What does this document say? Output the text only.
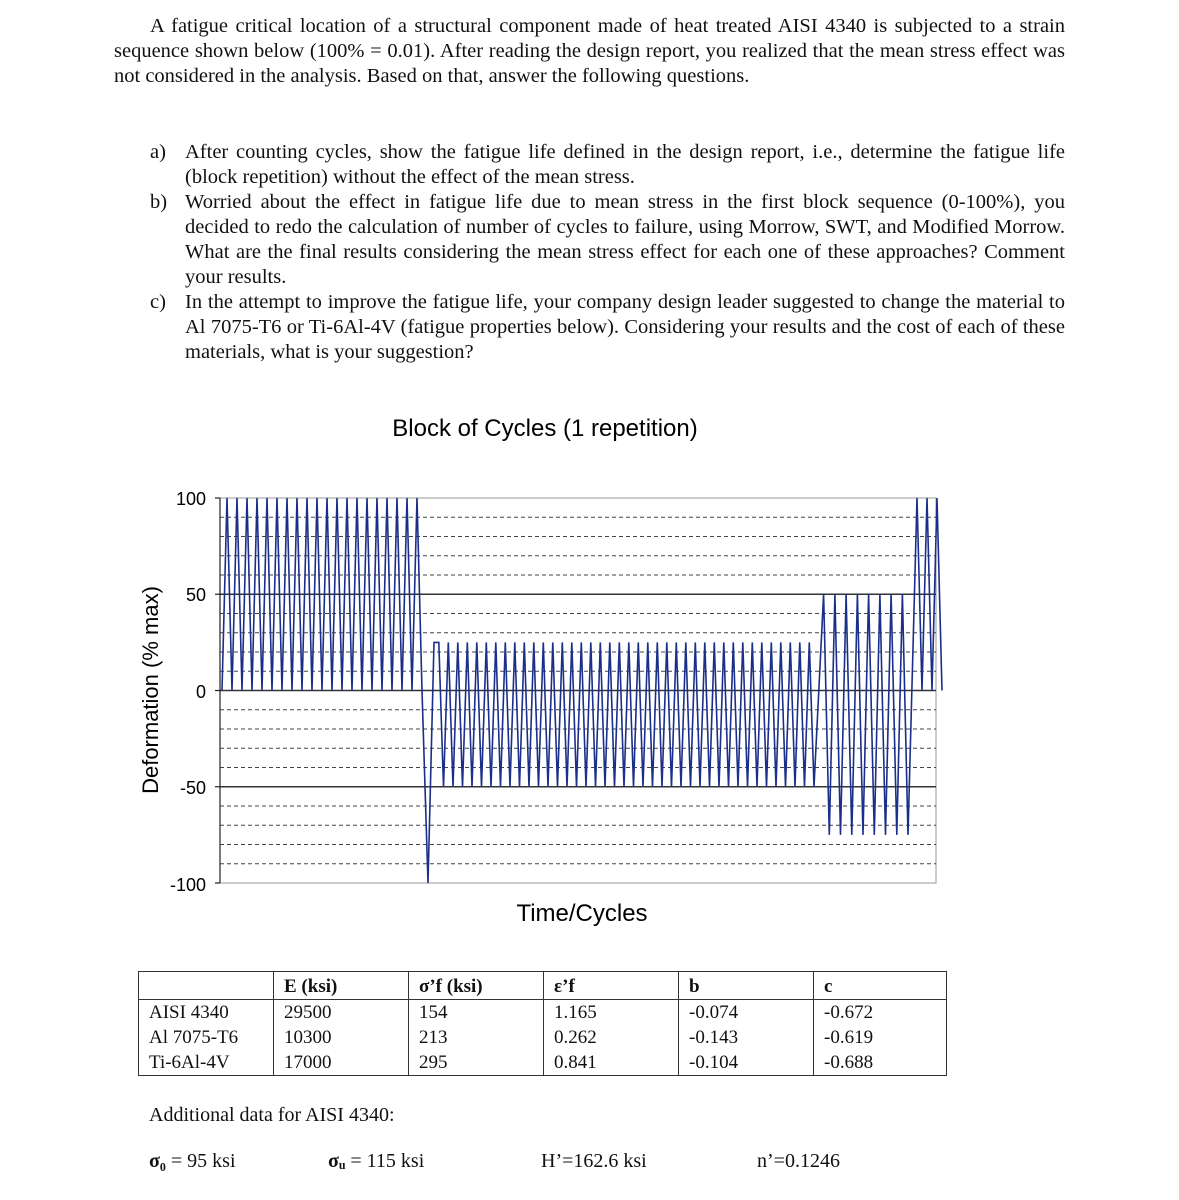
A fatigue critical location of a structural component made of heat treated AISI 4340 is subjected to a strain sequence shown below (100% = 0.01). After reading the design report, you realized that the mean stress effect was not considered in the analysis. Based on that, answer the following questions.

a) After counting cycles, show the fatigue life defined in the design report, i.e., determine the fatigue life (block repetition) without the effect of the mean stress.
b) Worried about the effect in fatigue life due to mean stress in the first block sequence (0-100%), you decided to redo the calculation of number of cycles to failure, using Morrow, SWT, and Modified Morrow. What are the final results considering the mean stress effect for each one of these approaches? Comment your results.
c) In the attempt to improve the fatigue life, your company design leader suggested to change the material to Al 7075-T6 or Ti-6Al-4V (fatigue properties below). Considering your results and the cost of each of these materials, what is your suggestion?
Block of Cycles (1 repetition)
Deformation (% max)
Time/Cycles
100
50
0
-50
-100
	E (ksi)	σ’f (ksi)	ε’f	b	c
AISI 4340	29500	154	1.165	-0.074	-0.672
Al 7075-T6	10300	213	0.262	-0.143	-0.619
Ti-6Al-4V	17000	295	0.841	-0.104	-0.688
Additional data for AISI 4340:
σ₀ = 95 ksi	σᵤ = 115 ksi	H’=162.6 ksi	n’=0.1246
